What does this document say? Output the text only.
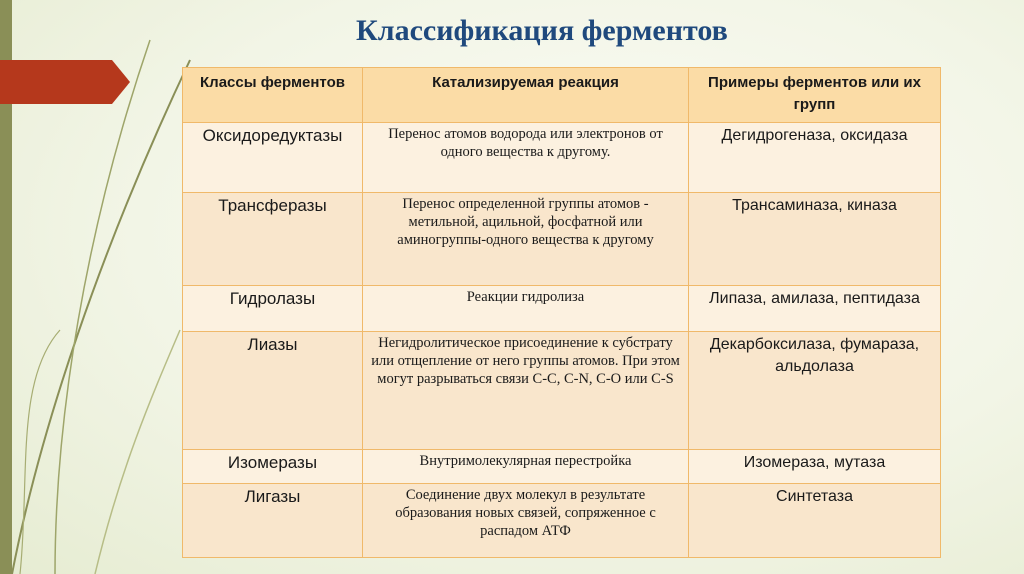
Классификация ферментов
Классы ферментов	Катализируемая реакция	Примеры ферментов или их групп
Оксидоредуктазы	Перенос атомов водорода или электронов от одного вещества к другому.	Дегидрогеназа, оксидаза
Трансферазы	Перенос определенной группы атомов - метильной, ацильной, фосфатной или аминогруппы-одного вещества к другому	Трансаминаза, киназа
Гидролазы	Реакции гидролиза	Липаза, амилаза, пептидаза
Лиазы	Негидролитическое присоединение к субстрату или отщепление от него группы атомов. При этом могут разрываться связи С-С, С-N, С-О или C-S	Декарбоксилаза, фумараза, альдолаза
Изомеразы	Внутримолекулярная перестройка	Изомераза, мутаза
Лигазы	Соединение двух молекул в результате образования новых связей, сопряженное с распадом АТФ	Синтетаза
